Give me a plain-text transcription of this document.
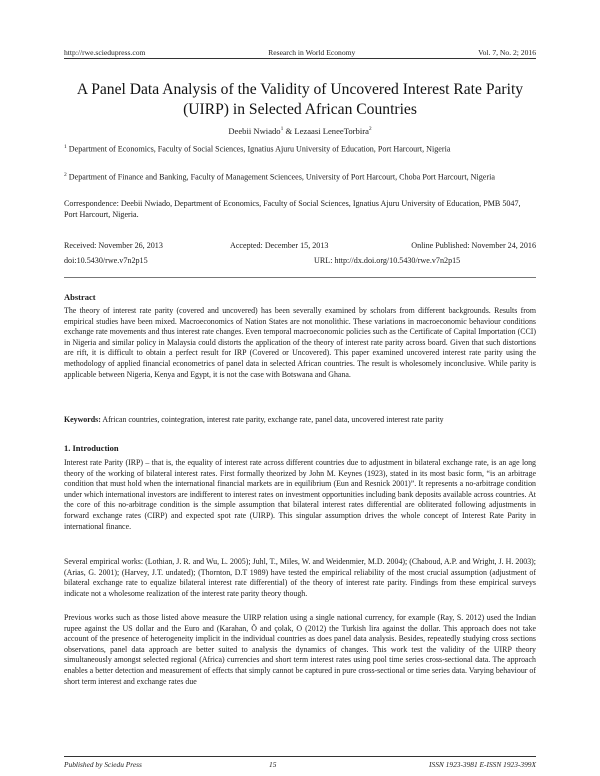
http://rwe.sciedupress.com	Research in World Economy	Vol. 7, No. 2; 2016
A Panel Data Analysis of the Validity of Uncovered Interest Rate Parity (UIRP) in Selected African Countries
Deebii Nwiado$^1$ & Lezaasi LeneeTorbira$^2$
$^1$ Department of Economics, Faculty of Social Sciences, Ignatius Ajuru University of Education, Port Harcourt, Nigeria
$^2$ Department of Finance and Banking, Faculty of Management Sciencees, University of Port Harcourt, Choba Port Harcourt, Nigeria
Correspondence: Deebii Nwiado, Department of Economics, Faculty of Social Sciences, Ignatius Ajuru University of Education, PMB 5047, Port Harcourt, Nigeria.
Received: November 26, 2013	Accepted: December 15, 2013	Online Published: November 24, 2016
doi:10.5430/rwe.v7n2p15	URL: http://dx.doi.org/10.5430/rwe.v7n2p15
Abstract

The theory of interest rate parity (covered and uncovered) has been severally examined by scholars from different backgrounds. Results from empirical studies have been mixed. Macroeconomics of Nation States are not monolithic. These variations in macroeconomic behaviour conditions exchange rate movements and thus interest rate changes. Even temporal macroeconomic policies such as the Certificate of Capital Importation (CCI) in Nigeria and similar policy in Malaysia could distorts the application of the theory of interest rate parity across board. Given that such distortions are rift, it is difficult to obtain a perfect result for IRP (Covered or Uncovered). This paper examined uncovered interest rate parity using the methodology of applied financial econometrics of panel data in selected African countries. The result is wholesomely inconclusive. While parity is applicable between Nigeria, Kenya and Egypt, it is not the case with Botswana and Ghana.

Keywords: African countries, cointegration, interest rate parity, exchange rate, panel data, uncovered interest rate parity

1. Introduction

Interest rate Parity (IRP) – that is, the equality of interest rate across different countries due to adjustment in bilateral exchange rate, is an age long theory of the working of bilateral interest rates. First formally theorized by John M. Keynes (1923), stated in its most basic form, “is an arbitrage condition that must hold when the international financial markets are in equilibrium (Eun and Resnick 2001)”. It represents a no-arbitrage condition under which international investors are indifferent to interest rates on investment opportunities including bank deposits available across countries. At the core of this no-arbitrage condition is the simple assumption that bilateral interest rates differential are obliterated following adjustments in forward exchange rates (CIRP) and expected spot rate (UIRP). This singular assumption drives the whole concept of Interest Rate Parity in international finance.

Several empirical works: (Lothian, J. R. and Wu, L. 2005); Juhl, T., Miles, W. and Weidenmier, M.D. 2004); (Chaboud, A.P. and Wright, J. H. 2003); (Arias, G. 2001); (Harvey, J.T. undated); (Thornton, D.T 1989) have tested the empirical reliability of the most crucial assumption (adjustment of bilateral exchange rate to equalize bilateral interest rate differential) of the theory of interest rate parity. Findings from these empirical surveys indicate not a wholesome realization of the interest rate parity theory though.

Previous works such as those listed above measure the UIRP relation using a single national currency, for example (Ray, S. 2012) used the Indian rupee against the US dollar and the Euro and (Karahan, Ö and çolak, O (2012) the Turkish lira against the dollar. This approach does not take account of the presence of heterogeneity implicit in the individual countries as does panel data analysis. Besides, repeatedly studying cross sections observations, panel data approach are better suited to analysis the dynamics of changes. This work test the validity of the UIRP theory simultaneously amongst selected regional (Africa) currencies and short term interest rates using pool time series cross-sectional data. The approach enables a better detection and measurement of effects that simply cannot be captured in pure cross-sectional or time series data. Varying behaviour of short term interest and exchange rates due

Published by Sciedu Press	15	ISSN 1923-3981 E-ISSN 1923-399X
